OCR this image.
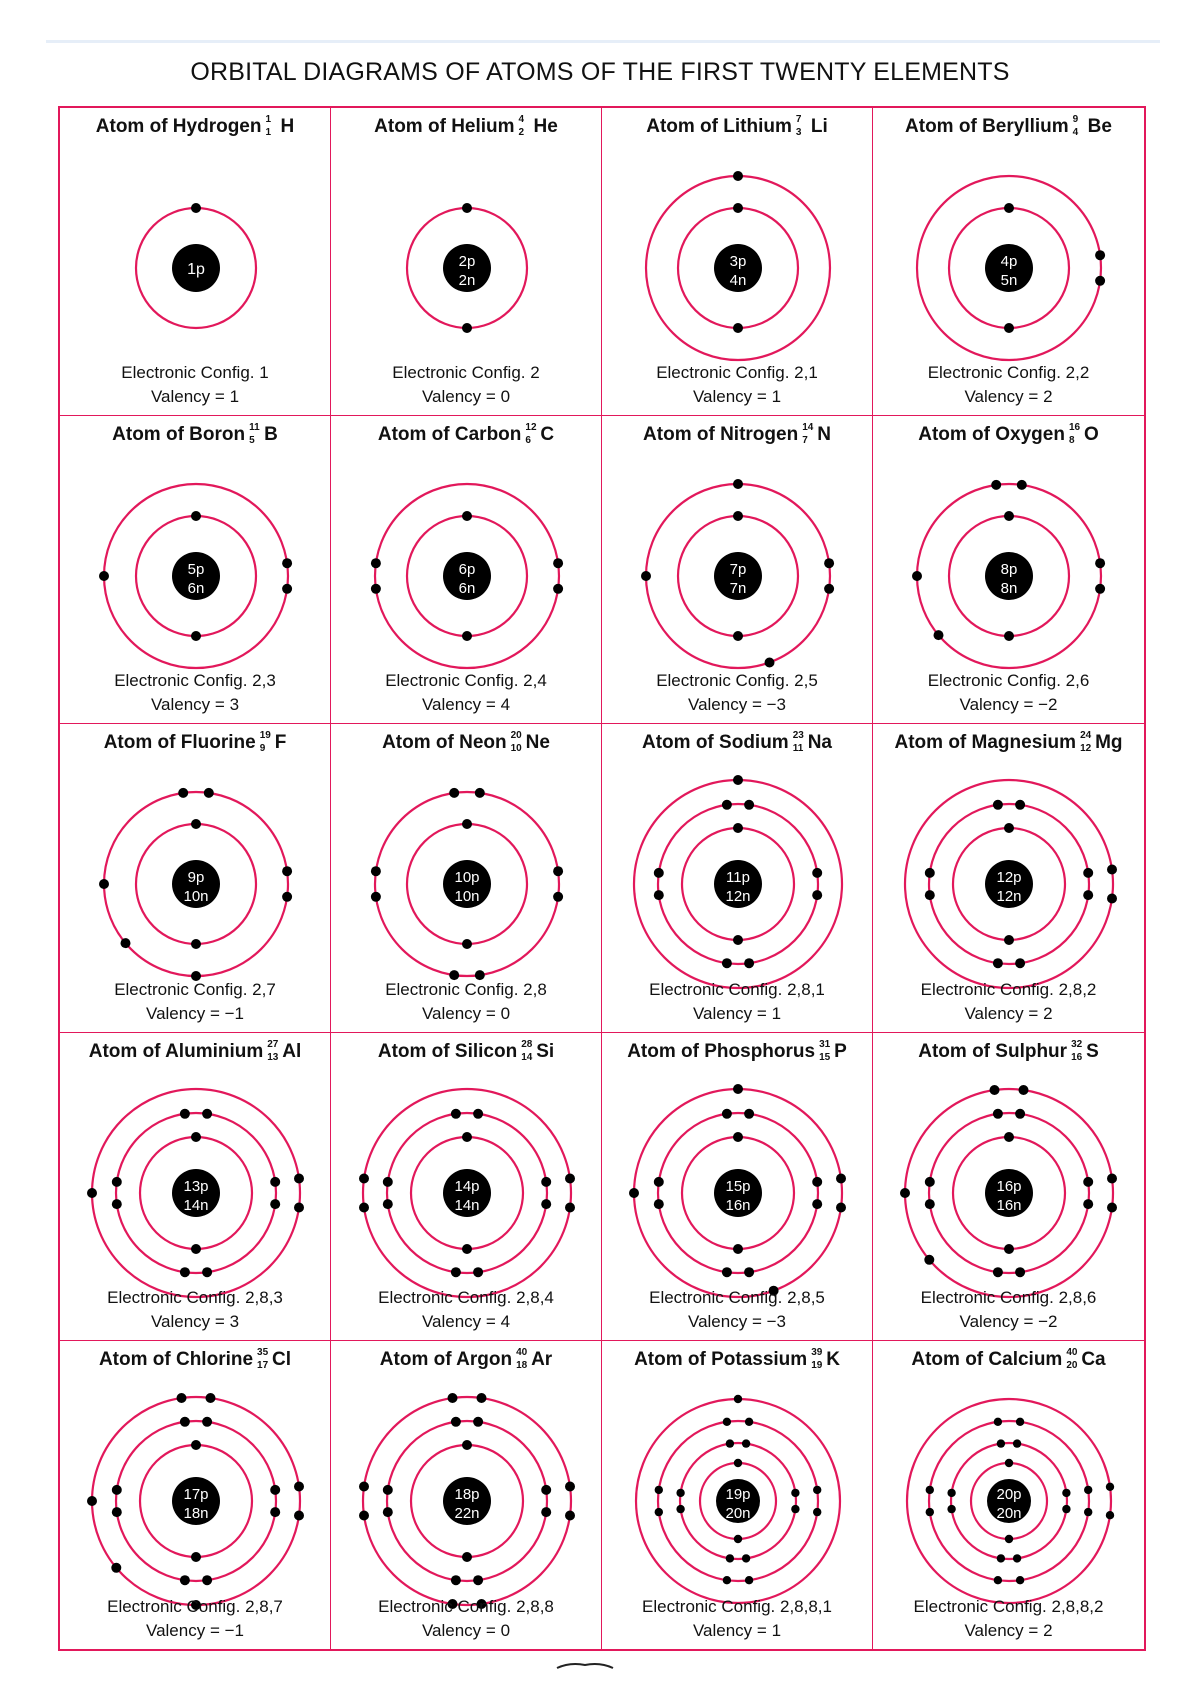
ORBITAL DIAGRAMS OF ATOMS OF THE FIRST TWENTY ELEMENTS
Atom of Hydrogen 1
1 H
1p
Electronic Config. 1
Valency = 1
Atom of Helium 4
2 He
2p
2n
Electronic Config. 2
Valency = 0
Atom of Lithium 7
3 Li
3p
4n
Electronic Config. 2,1
Valency = 1
Atom of Beryllium 9
4 Be
4p
5n
Electronic Config. 2,2
Valency = 2
Atom of Boron 11
5 B
5p
6n
Electronic Config. 2,3
Valency = 3
Atom of Carbon 12
6 C
6p
6n
Electronic Config. 2,4
Valency = 4
Atom of Nitrogen 14
7 N
7p
7n
Electronic Config. 2,5
Valency = −3
Atom of Oxygen 16
8 O
8p
8n
Electronic Config. 2,6
Valency = −2
Atom of Fluorine 19
9 F
9p
10n
Electronic Config. 2,7
Valency = −1
Atom of Neon 20
10 Ne
10p
10n
Electronic Config. 2,8
Valency = 0
Atom of Sodium 23
11 Na
11p
12n
Electronic Config. 2,8,1
Valency = 1
Atom of Magnesium 24
12 Mg
12p
12n
Electronic Config. 2,8,2
Valency = 2
Atom of Aluminium 27
13 Al
13p
14n
Electronic Config. 2,8,3
Valency = 3
Atom of Silicon 28
14 Si
14p
14n
Electronic Config. 2,8,4
Valency = 4
Atom of Phosphorus 31
15 P
15p
16n
Electronic Config. 2,8,5
Valency = −3
Atom of Sulphur 32
16 S
16p
16n
Electronic Config. 2,8,6
Valency = −2
Atom of Chlorine 35
17 Cl
17p
18n
Electronic Config. 2,8,7
Valency = −1
Atom of Argon 40
18 Ar
18p
22n
Electronic Config. 2,8,8
Valency = 0
Atom of Potassium 39
19 K
19p
20n
Electronic Config. 2,8,8,1
Valency = 1
Atom of Calcium 40
20 Ca
20p
20n
Electronic Config. 2,8,8,2
Valency = 2
